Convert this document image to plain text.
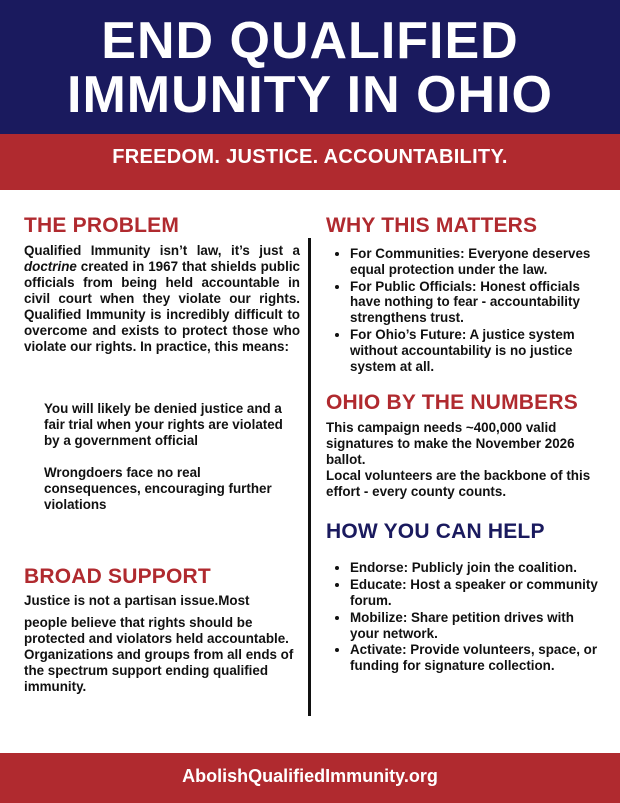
END QUALIFIED
IMMUNITY IN OHIO

FREEDOM. JUSTICE. ACCOUNTABILITY.

THE PROBLEM

Qualified Immunity isn’t law, it’s just a doctrine created in 1967 that shields public officials from being held accountable in civil court when they violate our rights. Qualified Immunity is incredibly difficult to overcome and exists to protect those who violate our rights. In practice, this means:

You will likely be denied justice and a fair trial when your rights are violated by a government official

Wrongdoers face no real consequences, encouraging further violations

BROAD SUPPORT

Justice is not a partisan issue.Most

people believe that rights should be protected and violators held accountable.

Organizations and groups from all ends of the spectrum support ending qualified immunity.

WHY THIS MATTERS
• For Communities: Everyone deserves equal protection under the law.
• For Public Officials: Honest officials have nothing to fear - accountability strengthens trust.
• For Ohio’s Future: A justice system without accountability is no justice system at all.
OHIO BY THE NUMBERS

This campaign needs ~400,000 valid signatures to make the November 2026 ballot.

Local volunteers are the backbone of this effort - every county counts.

HOW YOU CAN HELP
• Endorse: Publicly join the coalition.
• Educate: Host a speaker or community forum.
• Mobilize: Share petition drives with your network.
• Activate: Provide volunteers, space, or funding for signature collection.

AbolishQualifiedImmunity.org
